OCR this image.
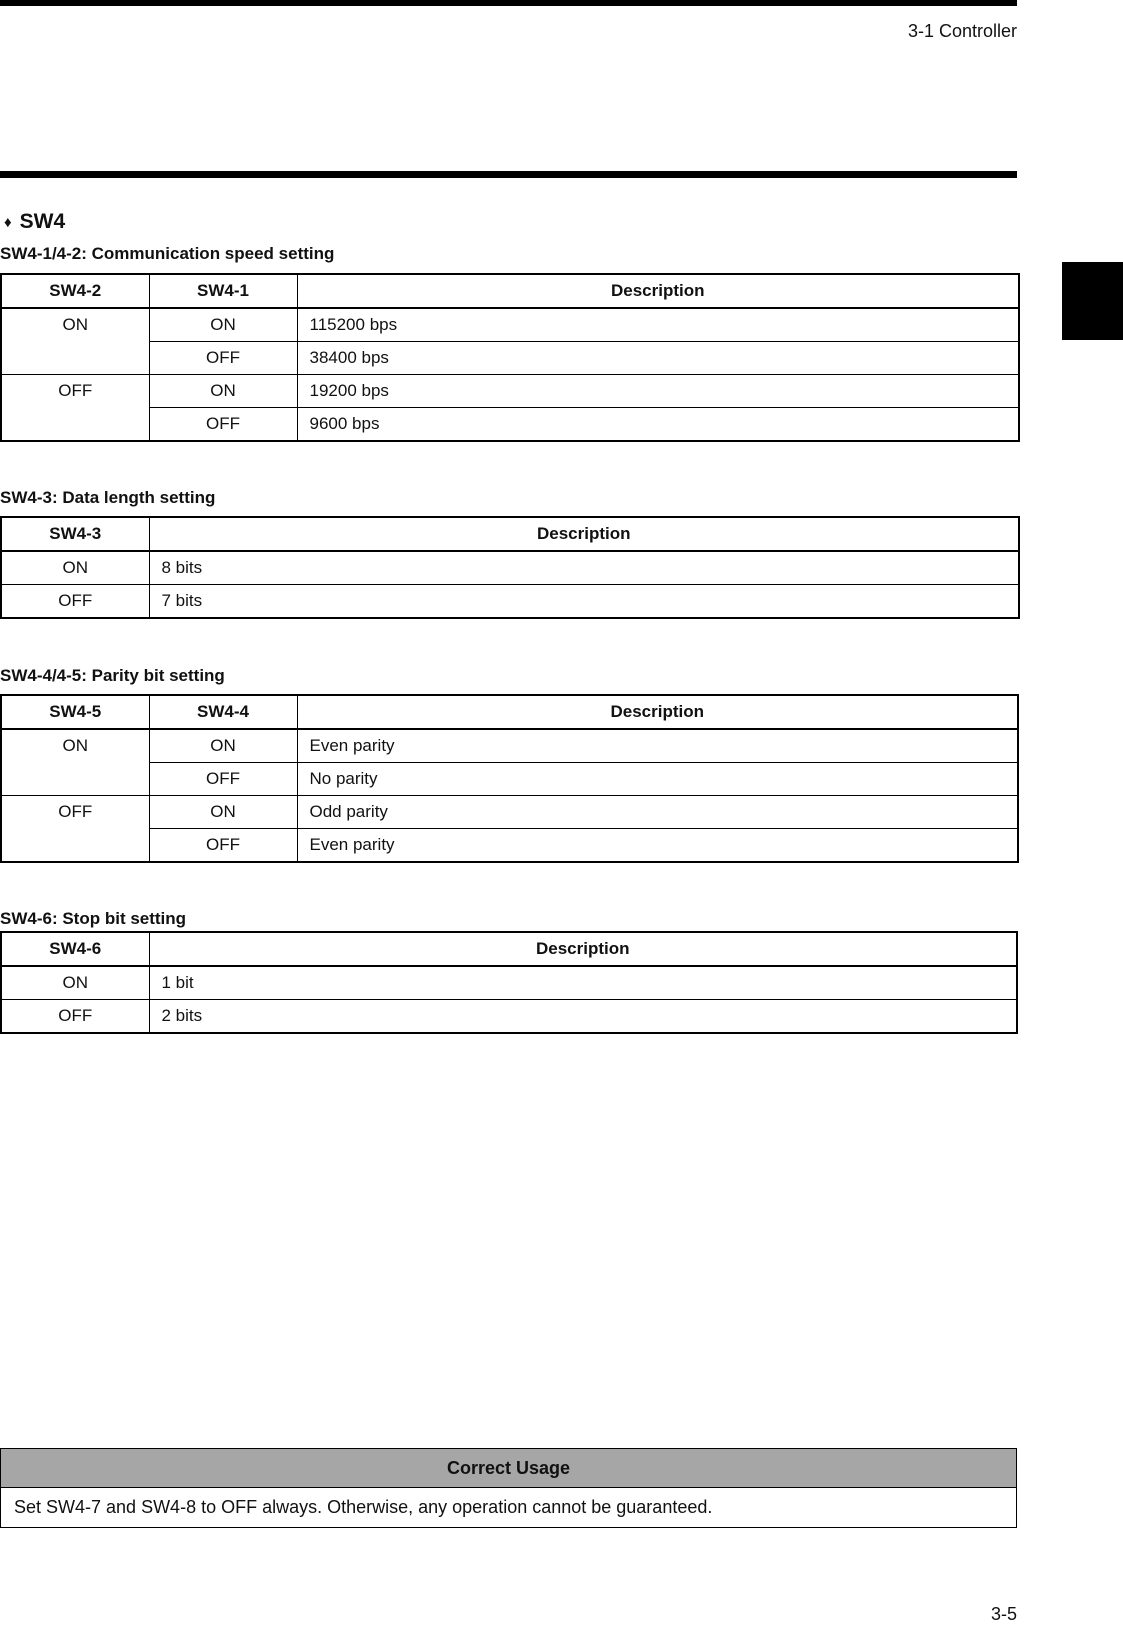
3-1 Controller
♦ SW4
SW4-1/4-2: Communication speed setting
SW4-2	SW4-1	Description
ON	ON	115200 bps
	OFF	38400 bps
OFF	ON	19200 bps
	OFF	9600 bps
SW4-3: Data length setting
SW4-3	Description
ON	8 bits
OFF	7 bits
SW4-4/4-5: Parity bit setting
SW4-5	SW4-4	Description
ON	ON	Even parity
	OFF	No parity
OFF	ON	Odd parity
	OFF	Even parity
SW4-6: Stop bit setting
SW4-6	Description
ON	1 bit
OFF	2 bits
Correct Usage
Set SW4-7 and SW4-8 to OFF always. Otherwise, any operation cannot be guaranteed.
3-5
